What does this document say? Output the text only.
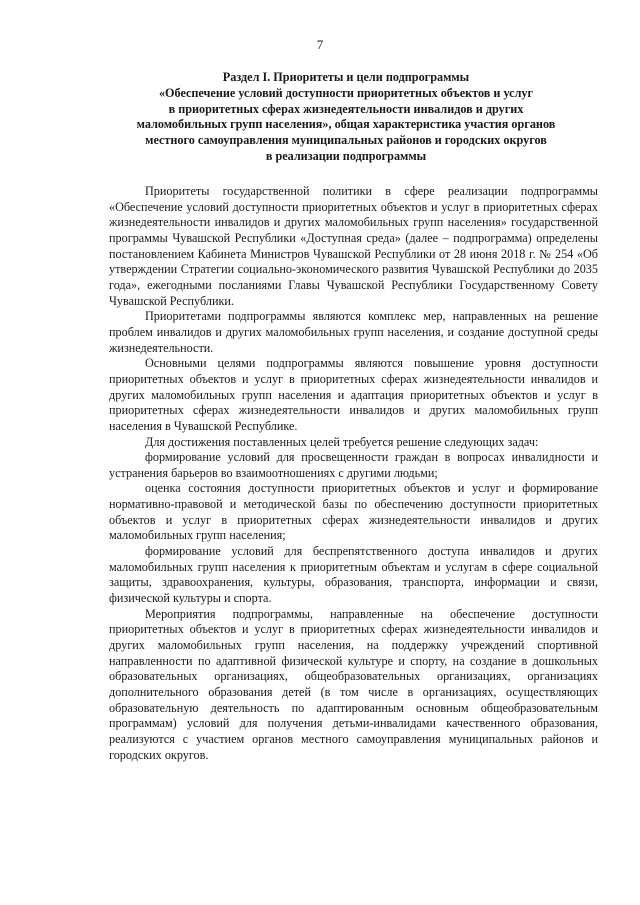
7
Раздел I. Приоритеты и цели подпрограммы
«Обеспечение условий доступности приоритетных объектов и услуг
в приоритетных сферах жизнедеятельности инвалидов и других
маломобильных групп населения», общая характеристика участия органов
местного самоуправления муниципальных районов и городских округов
в реализации подпрограммы

Приоритеты государственной политики в сфере реализации подпрограммы «Обеспечение условий доступности приоритетных объектов и услуг в приоритетных сферах жизнедеятельности инвалидов и других маломобильных групп населения» государственной программы Чувашской Республики «Доступная среда» (далее – подпрограмма) определены постановлением Кабинета Министров Чувашской Республики от 28 июня 2018 г. № 254 «Об утверждении Стратегии социально-экономического развития Чувашской Республики до 2035 года», ежегодными посланиями Главы Чувашской Республики Государственному Совету Чувашской Республики.

Приоритетами подпрограммы являются комплекс мер, направленных на решение проблем инвалидов и других маломобильных групп населения, и создание доступной среды жизнедеятельности.

Основными целями подпрограммы являются повышение уровня доступности приоритетных объектов и услуг в приоритетных сферах жизнедеятельности инвалидов и других маломобильных групп населения и адаптация приоритетных объектов и услуг в приоритетных сферах жизнедеятельности инвалидов и других маломобильных групп населения в Чувашской Республике.

Для достижения поставленных целей требуется решение следующих задач:

формирование условий для просвещенности граждан в вопросах инвалидности и устранения барьеров во взаимоотношениях с другими людьми;

оценка состояния доступности приоритетных объектов и услуг и формирование нормативно-правовой и методической базы по обеспечению доступности приоритетных объектов и услуг в приоритетных сферах жизнедеятельности инвалидов и других маломобильных групп населения;

формирование условий для беспрепятственного доступа инвалидов и других маломобильных групп населения к приоритетным объектам и услугам в сфере социальной защиты, здравоохранения, культуры, образования, транспорта, информации и связи, физической культуры и спорта.

Мероприятия подпрограммы, направленные на обеспечение доступности приоритетных объектов и услуг в приоритетных сферах жизнедеятельности инвалидов и других маломобильных групп населения, на поддержку учреждений спортивной направленности по адаптивной физической культуре и спорту, на создание в дошкольных образовательных организациях, общеобразовательных организациях, организациях дополнительного образования детей (в том числе в организациях, осуществляющих образовательную деятельность по адаптированным основным общеобразовательным программам) условий для получения детьми-инвалидами качественного образования, реализуются с участием органов местного самоуправления муниципальных районов и городских округов.
